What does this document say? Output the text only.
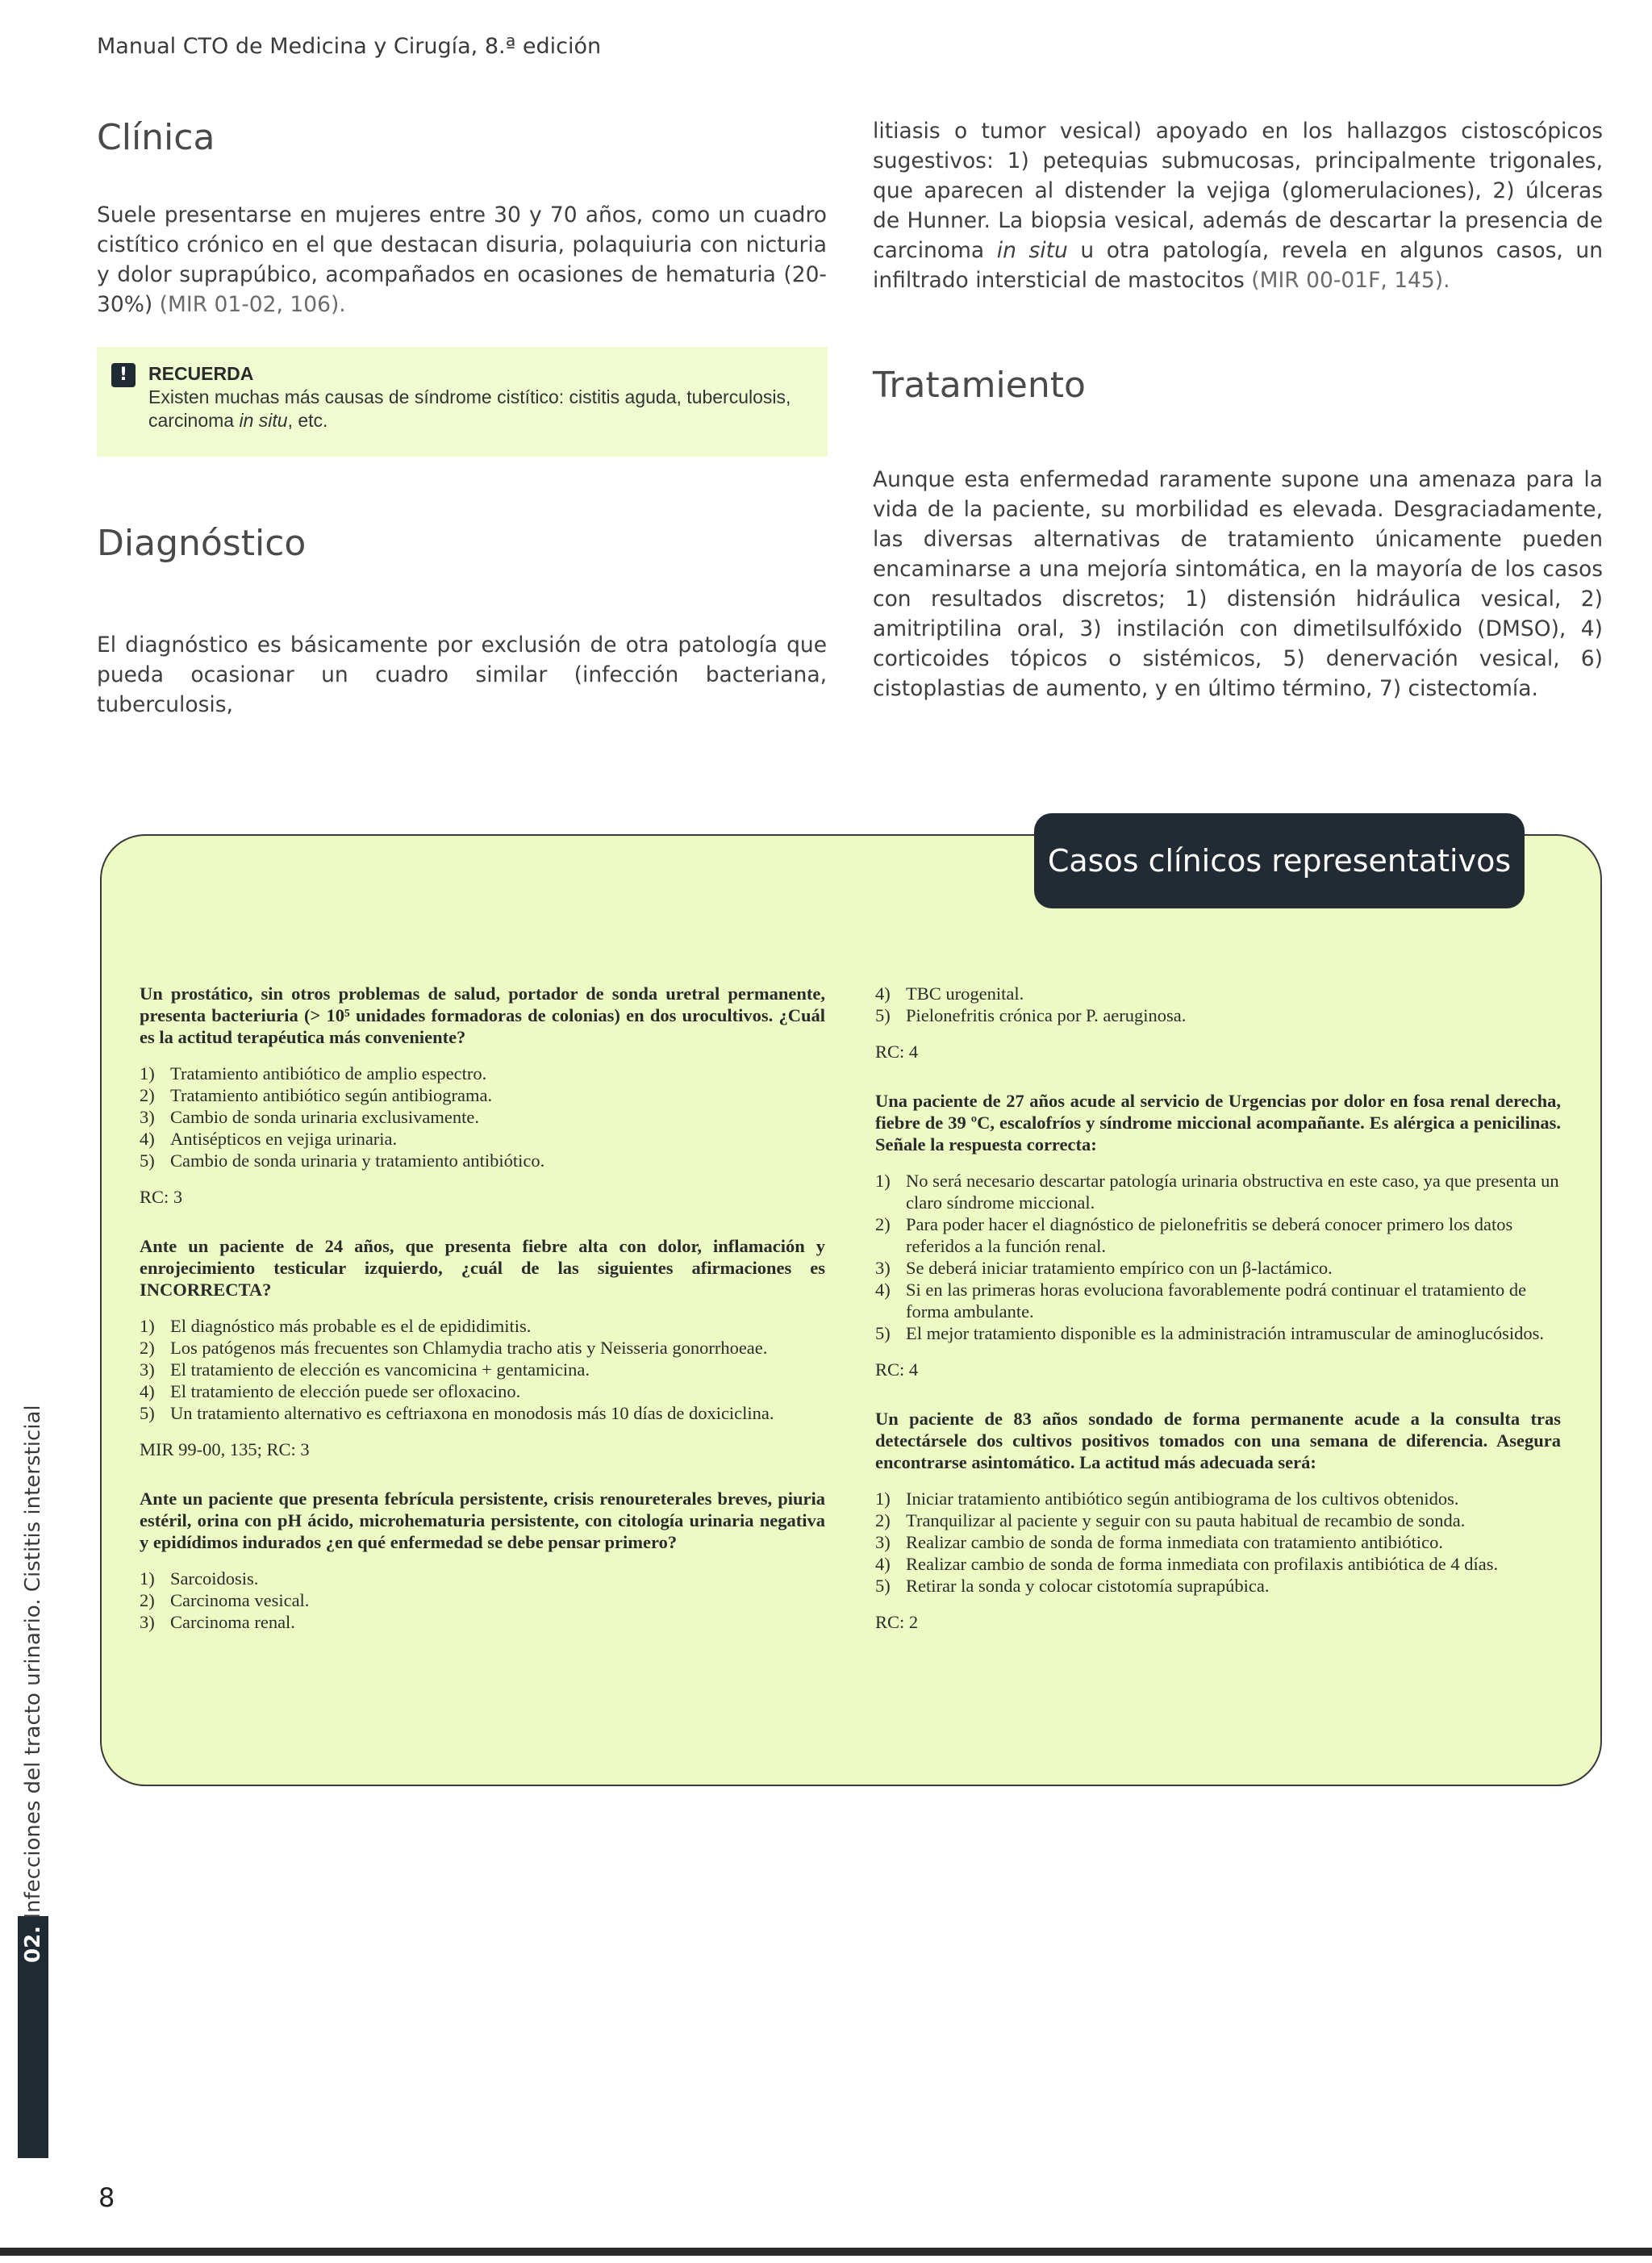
Manual CTO de Medicina y Cirugía, 8.ª edición
Clínica

Suele presentarse en mujeres entre 30 y 70 años, como un cuadro cistítico crónico en el que destacan disuria, polaquiuria con nicturia y dolor suprapúbico, acompañados en ocasiones de hematuria (20-30%) (MIR 01-02, 106).

!	RECUERDA
Existen muchas más causas de síndrome cistítico: cistitis aguda, tuberculosis, carcinoma in situ, etc.
Diagnóstico

El diagnóstico es básicamente por exclusión de otra patología que pueda ocasionar un cuadro similar (infección bacteriana, tuberculosis,

litiasis o tumor vesical) apoyado en los hallazgos cistoscópicos sugestivos: 1) petequias submucosas, principalmente trigonales, que aparecen al distender la vejiga (glomerulaciones), 2) úlceras de Hunner. La biopsia vesical, además de descartar la presencia de carcinoma in situ u otra patología, revela en algunos casos, un infiltrado intersticial de mastocitos (MIR 00-01F, 145).

Tratamiento

Aunque esta enfermedad raramente supone una amenaza para la vida de la paciente, su morbilidad es elevada. Desgraciadamente, las diversas alternativas de tratamiento únicamente pueden encaminarse a una mejoría sintomática, en la mayoría de los casos con resultados discretos; 1) distensión hidráulica vesical, 2) amitriptilina oral, 3) instilación con dimetilsulfóxido (DMSO), 4) corticoides tópicos o sistémicos, 5) denervación vesical, 6) cistoplastias de aumento, y en último término, 7) cistectomía.

Casos clínicos representativos

Un prostático, sin otros problemas de salud, portador de sonda uretral permanente, presenta bacteriuria (> 10⁵ unidades formadoras de colonias) en dos urocultivos. ¿Cuál es la actitud terapéutica más conveniente?

1) Tratamiento antibiótico de amplio espectro.
2) Tratamiento antibiótico según antibiograma.
3) Cambio de sonda urinaria exclusivamente.
4) Antisépticos en vejiga urinaria.
5) Cambio de sonda urinaria y tratamiento antibiótico.

RC: 3

Ante un paciente de 24 años, que presenta fiebre alta con dolor, inflamación y enrojecimiento testicular izquierdo, ¿cuál de las siguientes afirmaciones es INCORRECTA?

1) El diagnóstico más probable es el de epididimitis.
2) Los patógenos más frecuentes son Chlamydia tracho atis y Neisseria gonorrhoeae.
3) El tratamiento de elección es vancomicina + gentamicina.
4) El tratamiento de elección puede ser ofloxacino.
5) Un tratamiento alternativo es ceftriaxona en monodosis más 10 días de doxiciclina.

MIR 99-00, 135; RC: 3

Ante un paciente que presenta febrícula persistente, crisis renoureterales breves, piuria estéril, orina con pH ácido, microhematuria persistente, con citología urinaria negativa y epidídimos indurados ¿en qué enfermedad se debe pensar primero?

1) Sarcoidosis.
2) Carcinoma vesical.
3) Carcinoma renal.
4) TBC urogenital.
5) Pielonefritis crónica por P. aeruginosa.

RC: 4

Una paciente de 27 años acude al servicio de Urgencias por dolor en fosa renal derecha, fiebre de 39 ºC, escalofríos y síndrome miccional acompañante. Es alérgica a penicilinas. Señale la respuesta correcta:

1) No será necesario descartar patología urinaria obstructiva en este caso, ya que presenta un claro síndrome miccional.
2) Para poder hacer el diagnóstico de pielonefritis se deberá conocer primero los datos referidos a la función renal.
3) Se deberá iniciar tratamiento empírico con un β-lactámico.
4) Si en las primeras horas evoluciona favorablemente podrá continuar el tratamiento de forma ambulante.
5) El mejor tratamiento disponible es la administración intramuscular de aminoglucósidos.

RC: 4

Un paciente de 83 años sondado de forma permanente acude a la consulta tras detectársele dos cultivos positivos tomados con una semana de diferencia. Asegura encontrarse asintomático. La actitud más adecuada será:

1) Iniciar tratamiento antibiótico según antibiograma de los cultivos obtenidos.
2) Tranquilizar al paciente y seguir con su pauta habitual de recambio de sonda.
3) Realizar cambio de sonda de forma inmediata con tratamiento antibiótico.
4) Realizar cambio de sonda de forma inmediata con profilaxis antibiótica de 4 días.
5) Retirar la sonda y colocar cistotomía suprapúbica.

RC: 2

02.
Infecciones del tracto urinario. Cistitis intersticial
8
